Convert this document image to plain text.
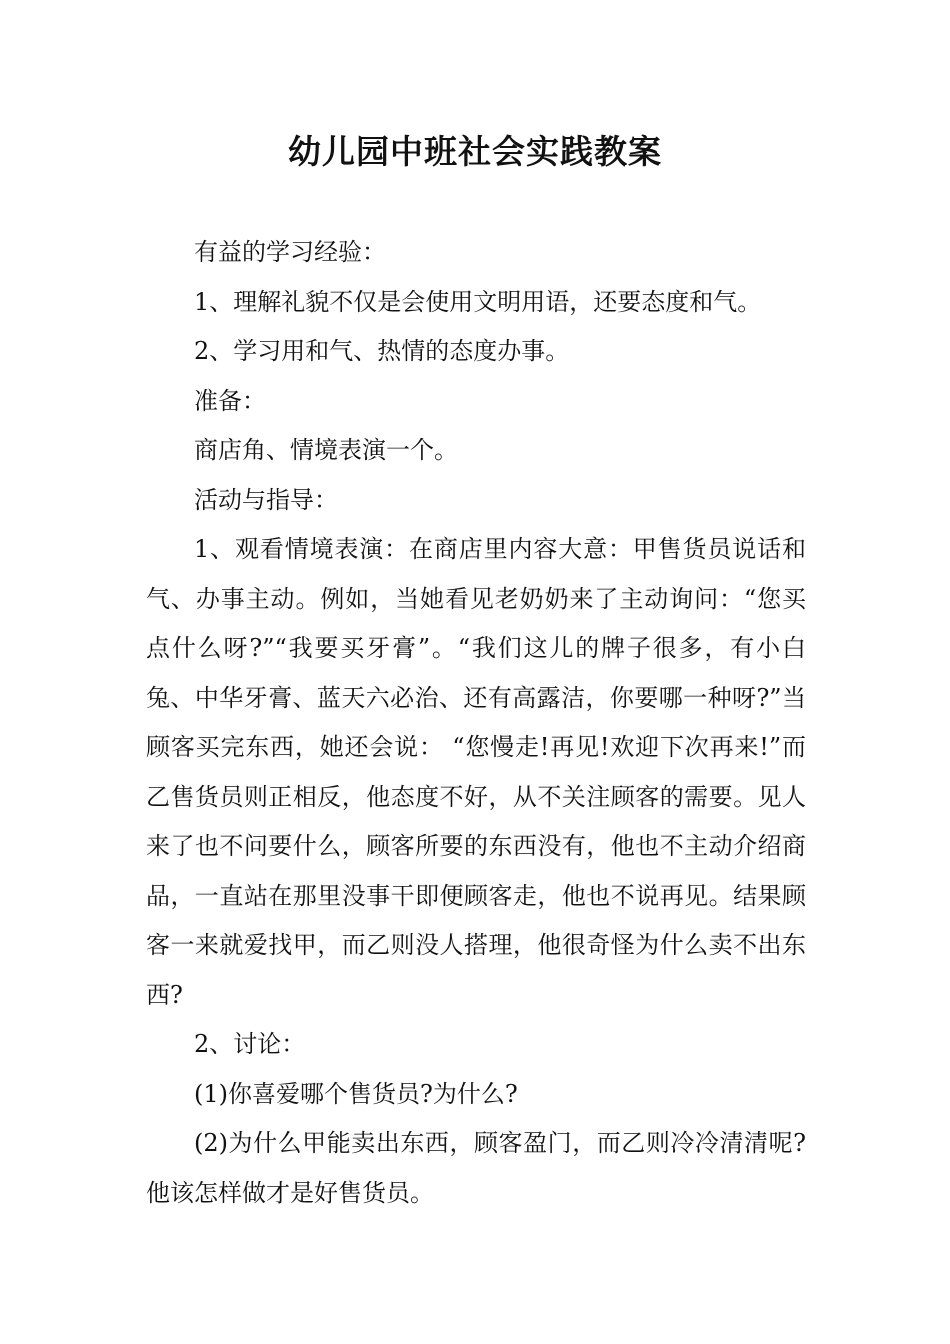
幼儿园中班社会实践教案

有益的学习经验：

1、理解礼貌不仅是会使用文明用语，还要态度和气。

2、学习用和气、热情的态度办事。

准备：

商店角、情境表演一个。

活动与指导：

1、观看情境表演：在商店里内容大意：甲售货员说话和气、办事主动。例如，当她看见老奶奶来了主动询问：“您买点什么呀?”“我要买牙膏”。“我们这儿的牌子很多，有小白兔、中华牙膏、蓝天六必治、还有高露洁，你要哪一种呀?”当顾客买完东西，她还会说： “您慢走!再见!欢迎下次再来!”而乙售货员则正相反，他态度不好，从不关注顾客的需要。见人来了也不问要什么，顾客所要的东西没有，他也不主动介绍商品，一直站在那里没事干即便顾客走，他也不说再见。结果顾客一来就爱找甲，而乙则没人搭理，他很奇怪为什么卖不出东西?

2、讨论：

(1)你喜爱哪个售货员?为什么?

(2)为什么甲能卖出东西，顾客盈门，而乙则冷冷清清呢?他该怎样做才是好售货员。
